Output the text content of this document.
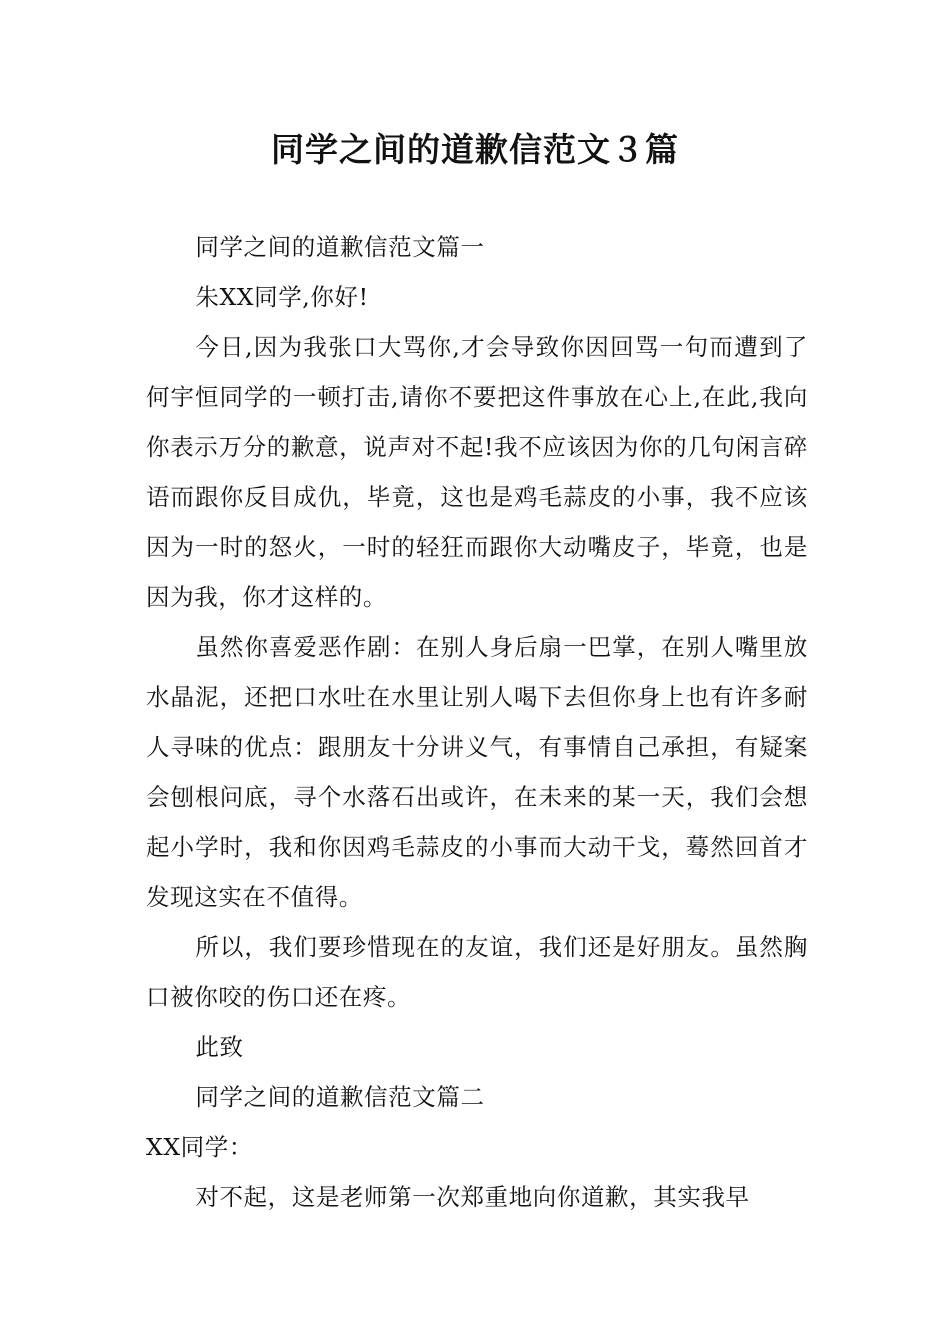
同学之间的道歉信范文３篇

同学之间的道歉信范文篇一

朱XX同学,你好!

今日,因为我张口大骂你,才会导致你因回骂一句而遭到了何宇恒同学的一顿打击,请你不要把这件事放在心上,在此,我向你表示万分的歉意，说声对不起!我不应该因为你的几句闲言碎语而跟你反目成仇，毕竟，这也是鸡毛蒜皮的小事，我不应该因为一时的怒火，一时的轻狂而跟你大动嘴皮子，毕竟，也是因为我，你才这样的。

虽然你喜爱恶作剧：在别人身后扇一巴掌，在别人嘴里放水晶泥，还把口水吐在水里让别人喝下去但你身上也有许多耐人寻味的优点：跟朋友十分讲义气，有事情自己承担，有疑案会刨根问底，寻个水落石出或许，在未来的某一天，我们会想起小学时，我和你因鸡毛蒜皮的小事而大动干戈，蓦然回首才发现这实在不值得。

所以，我们要珍惜现在的友谊，我们还是好朋友。虽然胸口被你咬的伤口还在疼。

此致

同学之间的道歉信范文篇二

XX同学：

对不起，这是老师第一次郑重地向你道歉，其实我早
